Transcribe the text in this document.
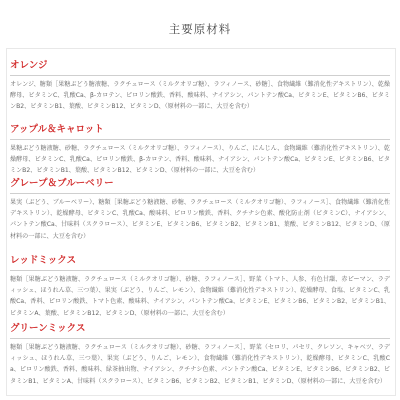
主要原材料
オレンジ
オレンジ、糖類［果糖ぶどう糖液糖、ラクチュロース（ミルクオリゴ糖）、ラフィノース、砂糖］、食物繊維（難消化性デキストリン）、乾燥酵母、ビタミンC、乳酸Ca、β-カロテン、ピロリン酸鉄、香料、酸味料、ナイアシン、パントテン酸Ca、ビタミンE、ビタミンB6、ビタミンB2、ビタミンB1、葉酸、ビタミンB12、ビタミンD、（原材料の一部に、大豆を含む）
アップル＆キャロット
果糖ぶどう糖液糖、砂糖、ラクチュロース（ミルクオリゴ糖）、ラフィノース）、りんご、にんじん、食物繊維（難消化性デキストリン）、乾燥酵母、ビタミンC、乳酸Ca、ピロリン酸鉄、β-カロテン、香料、酸味料、ナイアシン、パントテン酸Ca、ビタミンE、ビタミンB6、ビタミンB2、ビタミンB1、葉酸、ビタミンB12、ビタミンD、（原材料の一部に、大豆を含む）
グレープ＆ブルーベリー
果実（ぶどう、ブルーベリー）、糖類［果糖ぶどう糖液糖、砂糖、ラクチュロース（ミルクオリゴ糖）、ラフィノース］、食物繊維（難消化性デキストリン）、乾燥酵母、ビタミンC、乳酸Ca、酸味料、ピロリン酸鉄、香料、クチナシ色素、酸化防止剤（ビタミンC）、ナイアシン、パントテン酸Ca、甘味料（スクラロース）、ビタミンE、ビタミンB6、ビタミンB2、ビタミンB1、葉酸、ビタミンB12、ビタミンD、（原材料の一部に、大豆を含む）
レッドミックス
糖類［果糖ぶどう糖液糖、ラクチュロース（ミルクオリゴ糖）、砂糖、ラフィノース］、野菜（トマト、人参、有色甘藷、赤ピーマン、ラディッシュ、ほうれん草、三つ葉）、果実（ぶどう、りんご、レモン）、食物繊維（難消化性デキストリン）、乾燥酵母、食塩、ビタミンC、乳酸Ca、香料、ピロリン酸鉄、トマト色素、酸味料、ナイアシン、パントテン酸Ca、ビタミンE、ビタミンB6、ビタミンB2、ビタミンB1、ビタミンA、葉酸、ビタミンB12、ビタミンD、（原材料の一部に、大豆を含む）
グリーンミックス
糖類［果糖ぶどう糖液糖、ラクチュロース（ミルクオリゴ糖）、砂糖、ラフィノース］、野菜（セロリ、パセリ、クレソン、キャベツ、ラディッシュ、ほうれん草、三つ葉）、果実（ぶどう、りんご、レモン）、食物繊維（難消化性デキストリン）、乾燥酵母、ビタミンC、乳酸Ca、ピロリン酸鉄、香料、酸味料、緑茶抽出物、ナイアシン、クチナシ色素、パントテン酸Ca、ビタミンE、ビタミンB6、ビタミンB2、ビタミンB1、ビタミンA、甘味料（スクラロース）、ビタミンB6、ビタミンB2、ビタミンB1、ビタミンD、（原材料の一部に、大豆を含む）
